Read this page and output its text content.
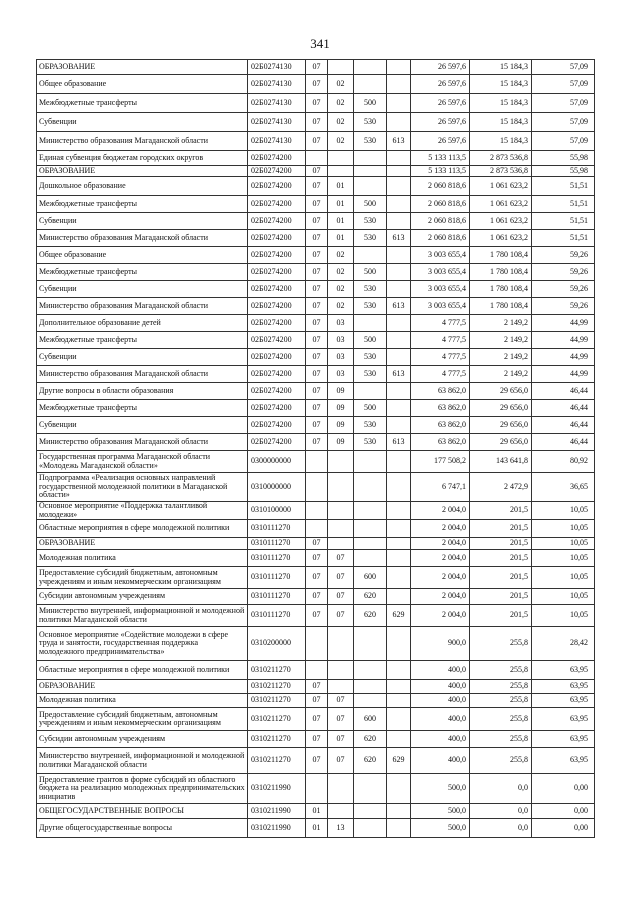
341
ОБРАЗОВАНИЕ	02Б0274130	07				26 597,6	15 184,3	57,09
Общее образование	02Б0274130	07	02			26 597,6	15 184,3	57,09
Межбюджетные трансферты	02Б0274130	07	02	500		26 597,6	15 184,3	57,09
Субвенции	02Б0274130	07	02	530		26 597,6	15 184,3	57,09
Министерство образования Магаданской области	02Б0274130	07	02	530	613	26 597,6	15 184,3	57,09
Единая субвенция бюджетам городских округов	02Б0274200					5 133 113,5	2 873 536,8	55,98
ОБРАЗОВАНИЕ	02Б0274200	07				5 133 113,5	2 873 536,8	55,98
Дошкольное образование	02Б0274200	07	01			2 060 818,6	1 061 623,2	51,51
Межбюджетные трансферты	02Б0274200	07	01	500		2 060 818,6	1 061 623,2	51,51
Субвенции	02Б0274200	07	01	530		2 060 818,6	1 061 623,2	51,51
Министерство образования Магаданской области	02Б0274200	07	01	530	613	2 060 818,6	1 061 623,2	51,51
Общее образование	02Б0274200	07	02			3 003 655,4	1 780 108,4	59,26
Межбюджетные трансферты	02Б0274200	07	02	500		3 003 655,4	1 780 108,4	59,26
Субвенции	02Б0274200	07	02	530		3 003 655,4	1 780 108,4	59,26
Министерство образования Магаданской области	02Б0274200	07	02	530	613	3 003 655,4	1 780 108,4	59,26
Дополнительное образование детей	02Б0274200	07	03			4 777,5	2 149,2	44,99
Межбюджетные трансферты	02Б0274200	07	03	500		4 777,5	2 149,2	44,99
Субвенции	02Б0274200	07	03	530		4 777,5	2 149,2	44,99
Министерство образования Магаданской области	02Б0274200	07	03	530	613	4 777,5	2 149,2	44,99
Другие вопросы в области образования	02Б0274200	07	09			63 862,0	29 656,0	46,44
Межбюджетные трансферты	02Б0274200	07	09	500		63 862,0	29 656,0	46,44
Субвенции	02Б0274200	07	09	530		63 862,0	29 656,0	46,44
Министерство образования Магаданской области	02Б0274200	07	09	530	613	63 862,0	29 656,0	46,44
Государственная программа Магаданской области «Молодежь Магаданской области»	0300000000					177 508,2	143 641,8	80,92
Подпрограмма «Реализация основных направлений государственной молодежной политики в Магаданской области»	0310000000					6 747,1	2 472,9	36,65
Основное мероприятие «Поддержка талантливой молодежи»	0310100000					2 004,0	201,5	10,05
Областные мероприятия в сфере молодежной политики	0310111270					2 004,0	201,5	10,05
ОБРАЗОВАНИЕ	0310111270	07				2 004,0	201,5	10,05
Молодежная политика	0310111270	07	07			2 004,0	201,5	10,05
Предоставление субсидий бюджетным, автономным учреждениям и иным некоммерческим организациям	0310111270	07	07	600		2 004,0	201,5	10,05
Субсидии автономным учреждениям	0310111270	07	07	620		2 004,0	201,5	10,05
Министерство внутренней, информационной и молодежной политики Магаданской области	0310111270	07	07	620	629	2 004,0	201,5	10,05
Основное мероприятие «Содействие молодежи в сфере труда и занятости, государственная поддержка молодежного предпринимательства»	0310200000					900,0	255,8	28,42
Областные мероприятия в сфере молодежной политики	0310211270					400,0	255,8	63,95
ОБРАЗОВАНИЕ	0310211270	07				400,0	255,8	63,95
Молодежная политика	0310211270	07	07			400,0	255,8	63,95
Предоставление субсидий бюджетным, автономным учреждениям и иным некоммерческим организациям	0310211270	07	07	600		400,0	255,8	63,95
Субсидии автономным учреждениям	0310211270	07	07	620		400,0	255,8	63,95
Министерство внутренней, информационной и молодежной политики Магаданской области	0310211270	07	07	620	629	400,0	255,8	63,95
Предоставление грантов в форме субсидий из областного бюджета на реализацию молодежных предпринимательских инициатив	0310211990					500,0	0,0	0,00
ОБЩЕГОСУДАРСТВЕННЫЕ ВОПРОСЫ	0310211990	01				500,0	0,0	0,00
Другие общегосударственные вопросы	0310211990	01	13			500,0	0,0	0,00
